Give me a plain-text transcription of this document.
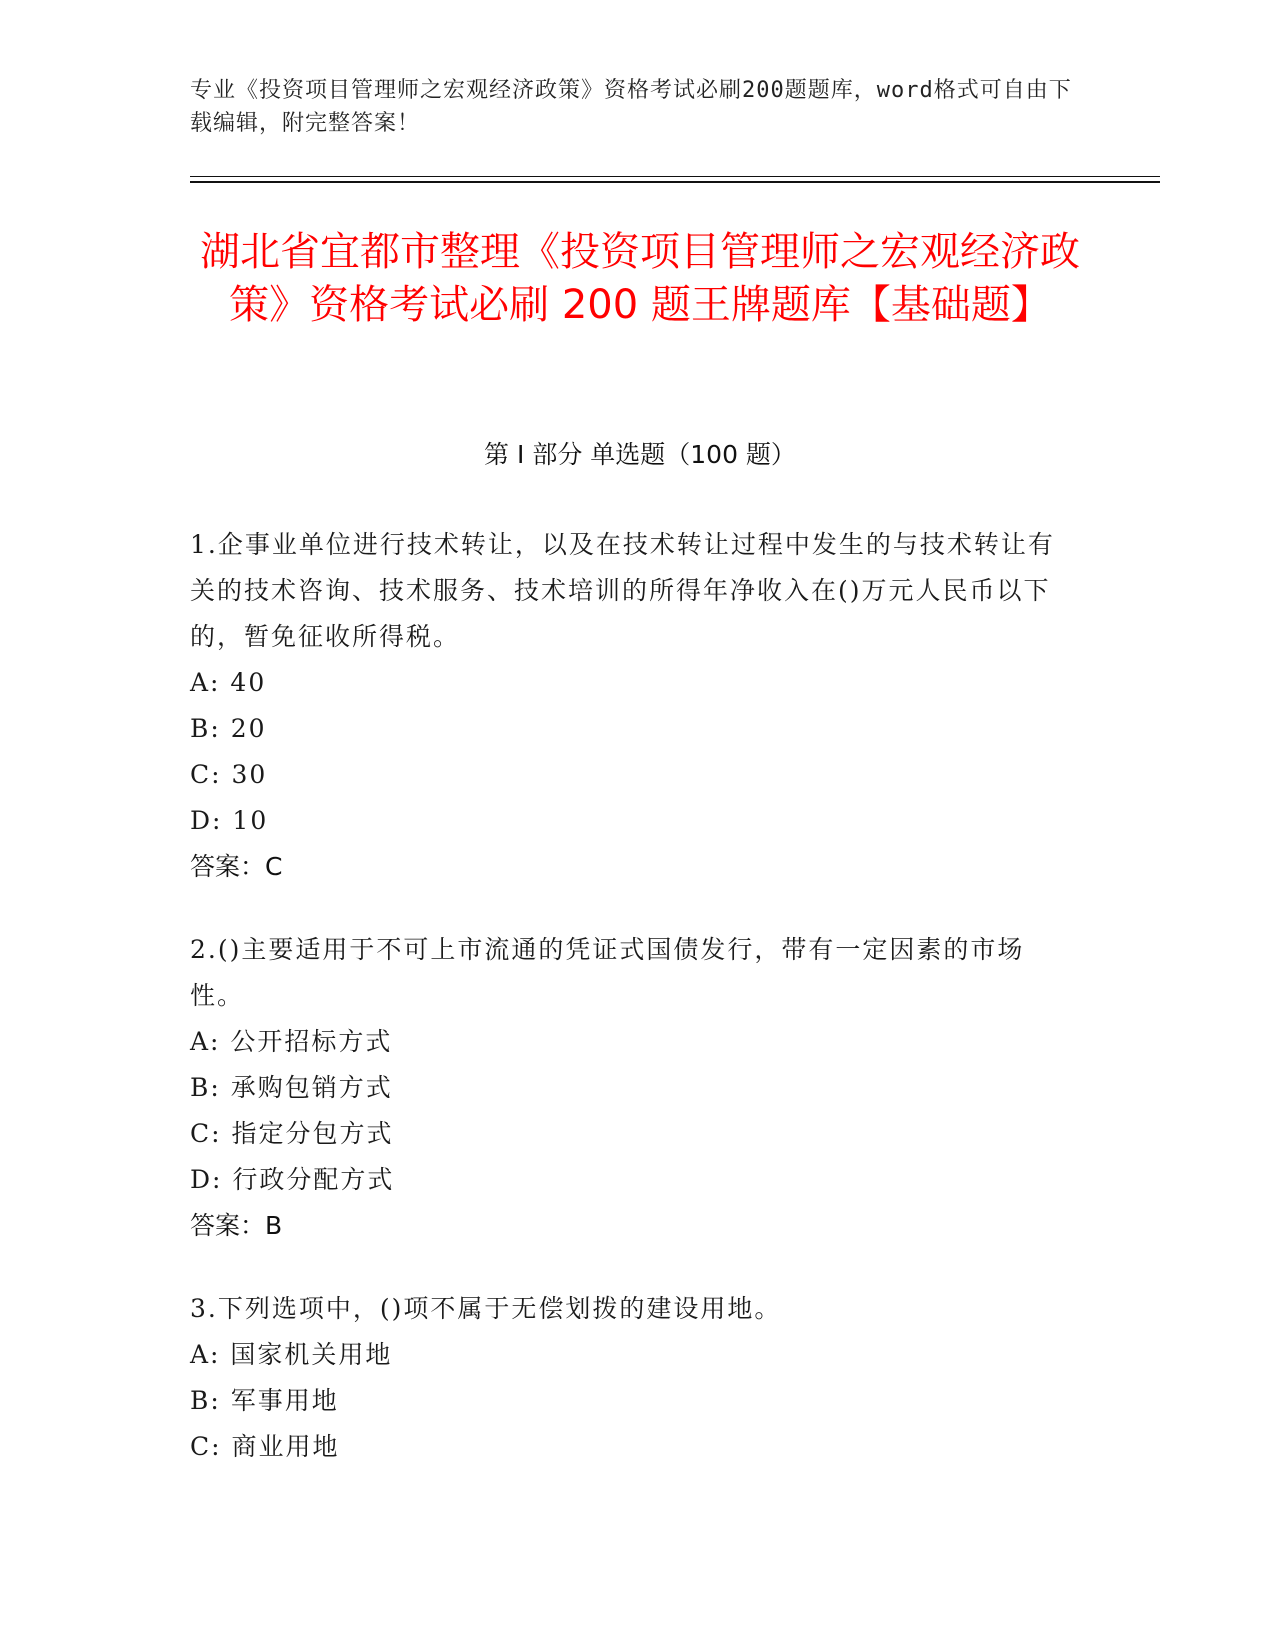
专业《投资项目管理师之宏观经济政策》资格考试必刷200题题库，word格式可自由下载编辑，附完整答案！
湖北省宜都市整理《投资项目管理师之宏观经济政策》资格考试必刷 200 题王牌题库【基础题】
第 I 部分 单选题（100 题）

1.企事业单位进行技术转让，以及在技术转让过程中发生的与技术转让有关的技术咨询、技术服务、技术培训的所得年净收入在()万元人民币以下的，暂免征收所得税。

A: 40

B: 20

C: 30

D: 10

答案：C

2.()主要适用于不可上市流通的凭证式国债发行，带有一定因素的市场性。

A: 公开招标方式

B: 承购包销方式

C: 指定分包方式

D: 行政分配方式

答案：B

3.下列选项中，()项不属于无偿划拨的建设用地。

A: 国家机关用地

B: 军事用地

C: 商业用地
